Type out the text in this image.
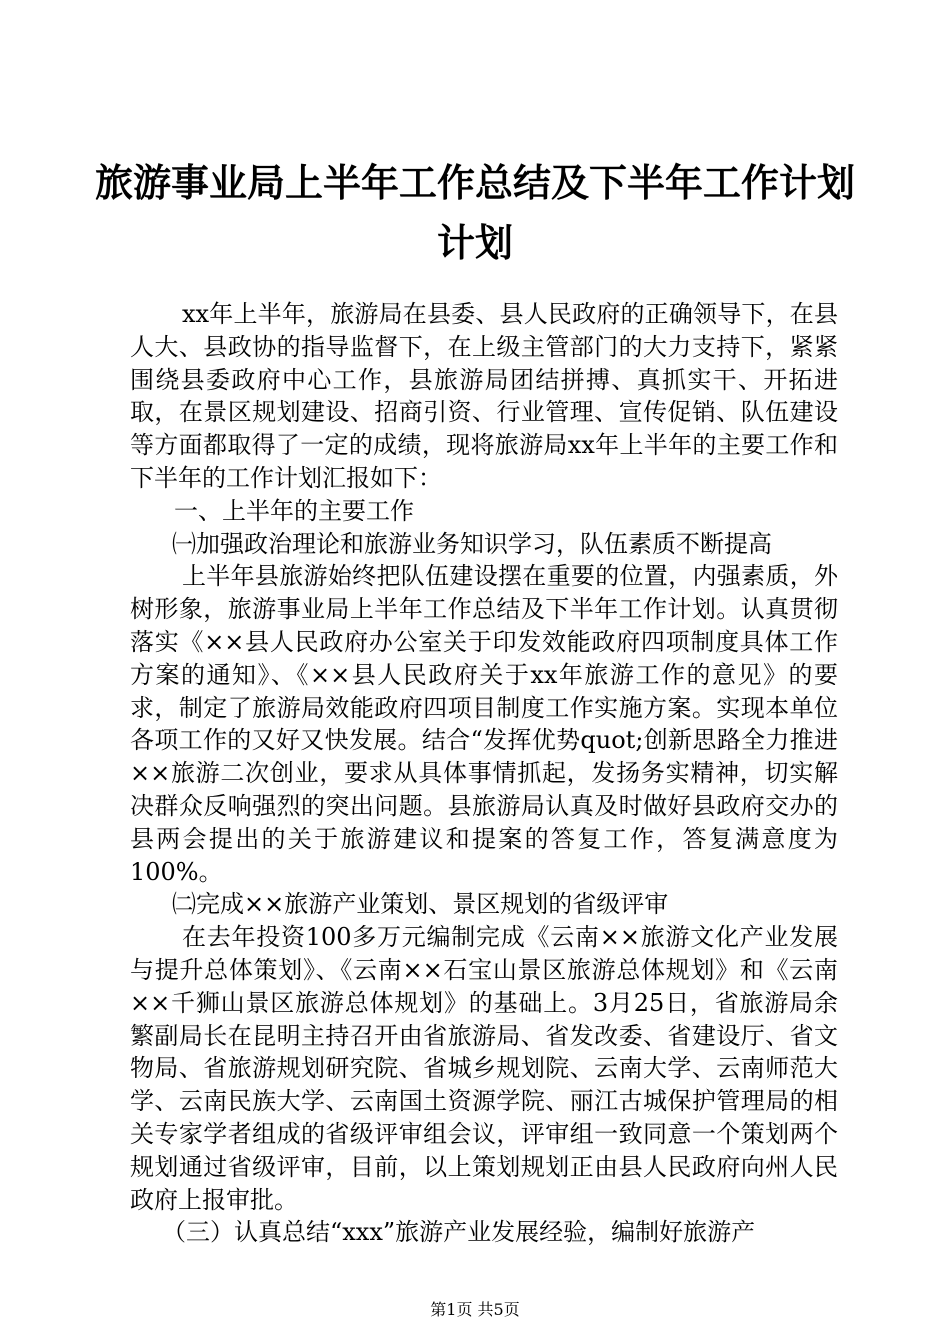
旅游事业局上半年工作总结及下半年工作计划
计划

xx年上半年，旅游局在县委、县人民政府的正确领导下，在县人大、县政协的指导监督下，在上级主管部门的大力支持下，紧紧围绕县委政府中心工作，县旅游局团结拼搏、真抓实干、开拓进取，在景区规划建设、招商引资、行业管理、宣传促销、队伍建设等方面都取得了一定的成绩，现将旅游局xx年上半年的主要工作和下半年的工作计划汇报如下：

一、上半年的主要工作

㈠加强政治理论和旅游业务知识学习，队伍素质不断提高

上半年县旅游始终把队伍建设摆在重要的位置，内强素质，外树形象，旅游事业局上半年工作总结及下半年工作计划。认真贯彻落实《××县人民政府办公室关于印发效能政府四项制度具体工作方案的通知》、《××县人民政府关于xx年旅游工作的意见》的要求，制定了旅游局效能政府四项目制度工作实施方案。实现本单位各项工作的又好又快发展。结合“发挥优势quot;创新思路全力推进××旅游二次创业，要求从具体事情抓起，发扬务实精神，切实解决群众反响强烈的突出问题。县旅游局认真及时做好县政府交办的县两会提出的关于旅游建议和提案的答复工作，答复满意度为100%。

㈡完成××旅游产业策划、景区规划的省级评审

在去年投资100多万元编制完成《云南××旅游文化产业发展与提升总体策划》、《云南××石宝山景区旅游总体规划》和《云南××千狮山景区旅游总体规划》的基础上。3月25日，省旅游局余繁副局长在昆明主持召开由省旅游局、省发改委、省建设厅、省文物局、省旅游规划研究院、省城乡规划院、云南大学、云南师范大学、云南民族大学、云南国土资源学院、丽江古城保护管理局的相关专家学者组成的省级评审组会议，评审组一致同意一个策划两个规划通过省级评审，目前，以上策划规划正由县人民政府向州人民政府上报审批。

（三）认真总结“xxx”旅游产业发展经验，编制好旅游产

第1页 共5页
